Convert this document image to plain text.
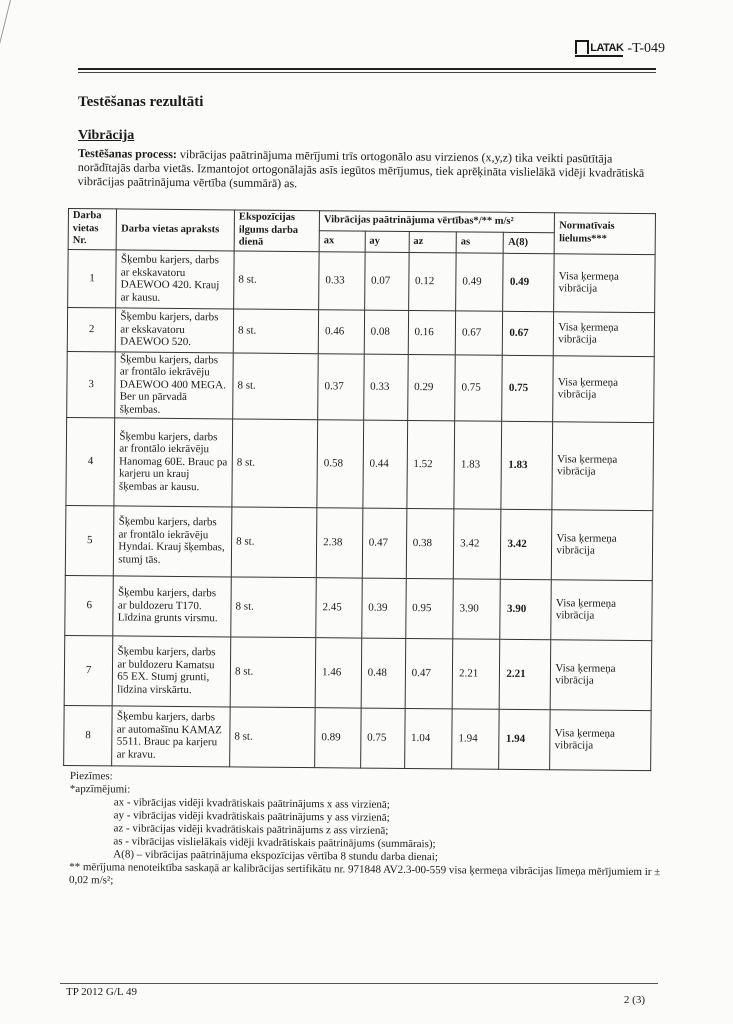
LATAK -T-049
Testēšanas rezultāti
Vibrācija
Testēšanas process: vibrācijas paātrinājuma mērījumi trīs ortogonālo asu virzienos (x,y,z) tika veikti pasūtītāja norādītajās darba vietās. Izmantojot ortogonālajās asīs iegūtos mērījumus, tiek aprēķināta vislielākā vidēji kvadrātiskā vibrācijas paātrinājuma vērtība (summārā) as.
Darba vietas Nr.	Darba vietas apraksts	Ekspozīcijas ilgums darba dienā	Vibrācijas paātrinājuma vērtības*/** m/s²					Normatīvais lielums***
			ax	ay	az	as	A(8)	
1	Šķembu karjers, darbs ar ekskavatoru DAEWOO 420. Krauj ar kausu.	8 st.	0.33	0.07	0.12	0.49	0.49	Visa ķermeņa vibrācija
2	Šķembu karjers, darbs ar ekskavatoru DAEWOO 520.	8 st.	0.46	0.08	0.16	0.67	0.67	Visa ķermeņa vibrācija
3	Šķembu karjers, darbs ar frontālo iekrāvēju DAEWOO 400 MEGA. Ber un pārvadā šķembas.	8 st.	0.37	0.33	0.29	0.75	0.75	Visa ķermeņa vibrācija
4	Šķembu karjers, darbs ar frontālo iekrāvēju Hanomag 60E. Brauc pa karjeru un krauj šķembas ar kausu.	8 st.	0.58	0.44	1.52	1.83	1.83	Visa ķermeņa vibrācija
5	Šķembu karjers, darbs ar frontālo iekrāvēju Hyndai. Krauj šķembas, stumj tās.	8 st.	2.38	0.47	0.38	3.42	3.42	Visa ķermeņa vibrācija
6	Šķembu karjers, darbs ar buldozeru T170. Līdzina grunts virsmu.	8 st.	2.45	0.39	0.95	3.90	3.90	Visa ķermeņa vibrācija
7	Šķembu karjers, darbs ar buldozeru Kamatsu 65 EX. Stumj grunti, līdzina virskārtu.	8 st.	1.46	0.48	0.47	2.21	2.21	Visa ķermeņa vibrācija
8	Šķembu karjers, darbs ar automašīnu KAMAZ 5511. Brauc pa karjeru ar kravu.	8 st.	0.89	0.75	1.04	1.94	1.94	Visa ķermeņa vibrācija
Piezīmes:
*apzīmējumi:
ax - vibrācijas vidēji kvadrātiskais paātrinājums x ass virzienā;
ay - vibrācijas vidēji kvadrātiskais paātrinājums y ass virzienā;
az - vibrācijas vidēji kvadrātiskais paātrinājums z ass virzienā;
as - vibrācijas vislielākais vidēji kvadrātiskais paātrinājums (summārais);
A(8) – vibrācijas paātrinājuma ekspozīcijas vērtība 8 stundu darba dienai;
** mērījuma nenoteiktība saskaņā ar kalibrācijas sertifikātu nr. 971848 AV2.3-00-559 visa ķermeņa vibrācijas līmeņa mērījumiem ir ± 0,02 m/s²;
TP 2012 G/L 49
2 (3)
